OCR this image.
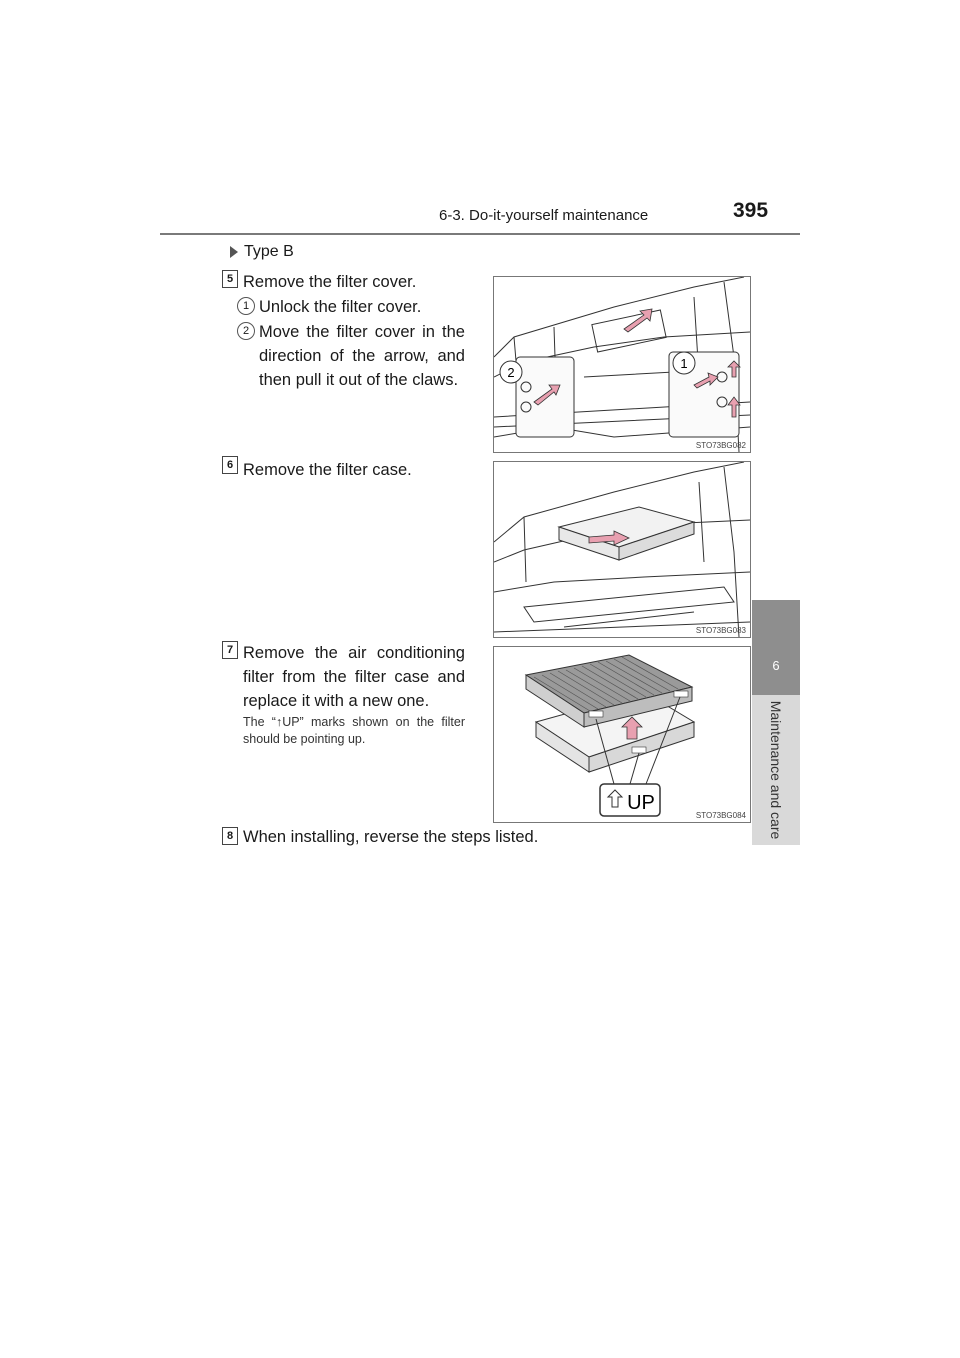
6-3. Do-it-yourself maintenance	395
6
Maintenance and care
Type B
5 Remove the filter cover.
1 Unlock the filter cover.
2 Move the filter cover in the direction of the arrow, and then pull it out of the claws.	2
1
STO73BG082
6 Remove the filter case.
STO73BG083
7 Remove the air conditioning filter from the filter case and replace it with a new one.
The “↑UP” marks shown on the filter should be pointing up.
UP
STO73BG084
8 When installing, reverse the steps listed.
